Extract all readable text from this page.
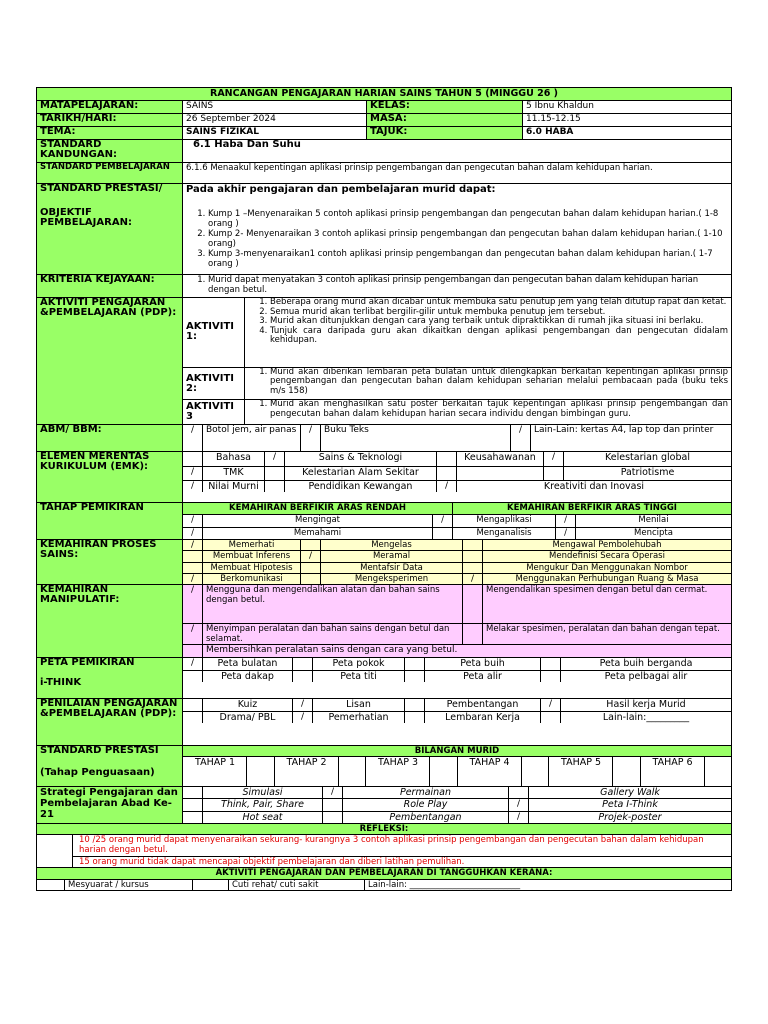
RANCANGAN PENGAJARAN HARIAN SAINS TAHUN 5 (MINGGU 26 )
MATAPELAJARAN:	SAINS	KELAS:	5 Ibnu Khaldun
TARIKH/HARI:	26 September 2024	MASA:	11.15-12.15
TEMA:	SAINS FIZIKAL	TAJUK:	6.0 HABA
STANDARD KANDUNGAN:
6.1 Haba Dan Suhu
STANDARD PEMBELAJARAN	6.1.6 Menaakul kepentingan aplikasi prinsip pengembangan dan pengecutan bahan dalam kehidupan harian.
STANDARD PRESTASI/
OBJEKTIF PEMBELAJARAN:
Pada akhir pengajaran dan pembelajaran murid dapat:
1. Kump 1 –Menyenaraikan 5 contoh aplikasi prinsip pengembangan dan pengecutan bahan dalam kehidupan harian.( 1-8 orang )
2. Kump 2- Menyenaraikan 3 contoh aplikasi prinsip pengembangan dan pengecutan bahan dalam kehidupan harian.( 1-10 orang)
3. Kump 3-menyenaraikan1 contoh aplikasi prinsip pengembangan dan pengecutan bahan dalam kehidupan harian.( 1-7 orang )
KRITERIA KEJAYAAN:
1.	Murid dapat menyatakan 3 contoh aplikasi prinsip pengembangan dan pengecutan bahan dalam kehidupan harian dengan betul.
AKTIVITI PENGAJARAN &PEMBELAJARAN (PDP):
AKTIVITI 1:
1. Beberapa orang murid akan dicabar untuk membuka satu penutup jem yang telah ditutup rapat dan ketat.
2. Semua murid akan terlibat bergilir-gilir untuk membuka penutup jem tersebut.
3. Murid akan ditunjukkan dengan cara yang terbaik untuk dipraktikkan di rumah jika situasi ini berlaku.
4. Tunjuk cara daripada guru akan dikaitkan dengan aplikasi pengembangan dan pengecutan didalam kehidupan.
AKTIVITI 2:
1. Murid akan diberikan lembaran peta bulatan untuk dilengkapkan berkaitan kepentingan aplikasi prinsip pengembangan dan pengecutan bahan dalam kehidupan seharian melalui pembacaan pada (buku teks m/s 158)
AKTIVITI 3
1. Murid akan menghasilkan satu poster berkaitan tajuk kepentingan aplikasi prinsip pengembangan dan pengecutan bahan dalam kehidupan harian secara individu dengan bimbingan guru.
ABM/ BBM:	/	Botol jem, air panas	/	Buku Teks	/	Lain-Lain: kertas A4, lap top dan printer
ELEMEN MERENTAS KURIKULUM (EMK):
Bahasa	/	Sains & Teknologi	Keusahawanan	/	Kelestarian global
/	TMK	Kelestarian Alam Sekitar	Patriotisme
/	Nilai Murni	Pendidikan Kewangan	/	Kreativiti dan Inovasi
TAHAP PEMIKIRAN	KEMAHIRAN BERFIKIR ARAS RENDAH	KEMAHIRAN BERFIKIR ARAS TINGGI
/	Mengingat	/	Mengaplikasi	/	Menilai
/	Memahami	Menganalisis	/	Mencipta
KEMAHIRAN PROSES SAINS:
/	Memerhati	Mengelas	Mengawal Pembolehubah
Membuat Inferens	/	Meramal	Mendefinisi Secara Operasi
Membuat Hipotesis	Mentafsir Data	Mengukur Dan Menggunakan Nombor
/	Berkomunikasi	Mengeksperimen	/	Menggunakan Perhubungan Ruang & Masa
KEMAHIRAN MANIPULATIF:
/	Mengguna dan mengendalikan alatan dan bahan sains dengan betul.
Mengendalikan spesimen dengan betul dan cermat.
/	Menyimpan peralatan dan bahan sains dengan betul dan selamat.
Melakar spesimen, peralatan dan bahan dengan tepat.
Membersihkan peralatan sains dengan cara yang betul.
PETA PEMIKIRAN
i-THINK
/	Peta bulatan	Peta pokok	Peta buih	Peta buih berganda
Peta dakap	Peta titi	Peta alir	Peta pelbagai alir
PENILAIAN PENGAJARAN &PEMBELAJARAN (PDP):
Kuiz	/	Lisan	Pembentangan	/	Hasil kerja Murid
Drama/ PBL	/	Pemerhatian	Lembaran Kerja	Lain-lain:_________
STANDARD PRESTASI
(Tahap Penguasaan)
BILANGAN MURID
TAHAP 1	TAHAP 2	TAHAP 3	TAHAP 4	TAHAP 5	TAHAP 6
Strategi Pengajaran dan Pembelajaran Abad Ke-21
Simulasi	/	Permainan	Gallery Walk
Think, Pair, Share	Role Play	/	Peta I-Think
Hot seat	Pembentangan	/	Projek-poster
REFLEKSI:
10 /25 orang murid dapat menyenaraikan sekurang- kurangnya 3 contoh aplikasi prinsip pengembangan dan pengecutan bahan dalam kehidupan harian dengan betul.
15 orang murid tidak dapat mencapai objektif pembelajaran dan diberi latihan pemulihan.
AKTIVITI PENGAJARAN DAN PEMBELAJARAN DI TANGGUHKAN KERANA:
Mesyuarat / kursus	Cuti rehat/ cuti sakit	Lain-lain: __________________________
